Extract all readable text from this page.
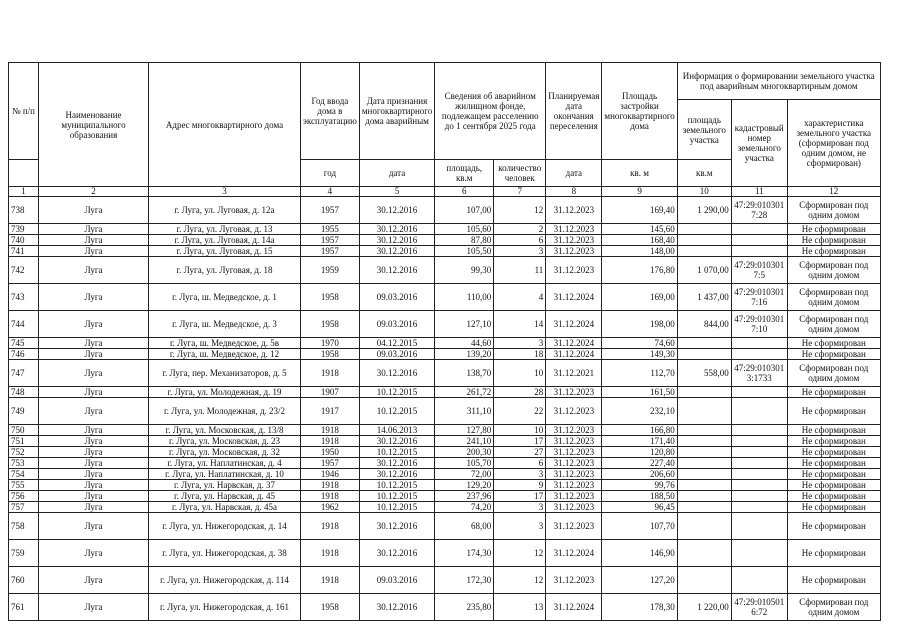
№ п/п	Наименование муниципального образования	Адрес многоквартирного дома	Год ввода дома в эксплуатацию	Дата признания многоквартирного дома аварийным	Сведения об аварийном жилищном фонде, подлежащем расселению до 1 сентября 2025 года		Планируемая дата окончания переселения	Площадь застройки многоквартирного дома	Информация о формировании земельного участка под аварийным многоквартирным домом		
									площадь земельного участка	кадастровый номер земельного участка	характеристика земельного участка (сформирован под одним домом, не сформирован)
			год	дата	площадь, кв.м	количество человек	дата	кв. м	кв.м		
1	2	3	4	5	6	7	8	9	10	11	12
738	Луга	г. Луга, ул. Луговая, д. 12а	1957	30.12.2016	107,00	12	31.12.2023	169,40	1 290,00	47:29:010301 7:28	Сформирован под одним домом
739	Луга	г. Луга, ул. Луговая, д. 13	1955	30.12.2016	105,60	2	31.12.2023	145,60			Не сформирован
740	Луга	г. Луга, ул. Луговая, д. 14а	1957	30.12.2016	87,80	6	31.12.2023	168,40			Не сформирован
741	Луга	г. Луга, ул. Луговая, д. 15	1957	30.12.2016	105,50	3	31.12.2023	148,00			Не сформирован
742	Луга	г. Луга, ул. Луговая, д. 18	1959	30.12.2016	99,30	11	31.12.2023	176,80	1 070,00	47:29:010301 7:5	Сформирован под одним домом
743	Луга	г. Луга, ш. Медведское, д. 1	1958	09.03.2016	110,00	4	31.12.2024	169,00	1 437,00	47:29:010301 7:16	Сформирован под одним домом
744	Луга	г. Луга, ш. Медведское, д. 3	1958	09.03.2016	127,10	14	31.12.2024	198,00	844,00	47:29:010301 7:10	Сформирован под одним домом
745	Луга	г. Луга, ш. Медведское, д. 5в	1970	04.12.2015	44,60	3	31.12.2024	74,60			Не сформирован
746	Луга	г. Луга, ш. Медведское, д. 12	1958	09.03.2016	139,20	18	31.12.2024	149,30			Не сформирован
747	Луга	г. Луга, пер. Механизаторов, д. 5	1918	30.12.2016	138,70	10	31.12.2021	112,70	558,00	47:29:010301 3:1733	Сформирован под одним домом
748	Луга	г. Луга, ул. Молодежная, д. 19	1907	10.12.2015	261,72	28	31.12.2023	161,50			Не сформирован
749	Луга	г. Луга, ул. Молодежная, д. 23/2	1917	10.12.2015	311,10	22	31.12.2023	232,10			Не сформирован
750	Луга	г. Луга, ул. Московская, д. 13/8	1918	14.06.2013	127,80	10	31.12.2023	166,80			Не сформирован
751	Луга	г. Луга, ул. Московская, д. 23	1918	30.12.2016	241,10	17	31.12.2023	171,40			Не сформирован
752	Луга	г. Луга, ул. Московская, д. 32	1950	10.12.2015	200,30	27	31.12.2023	120,80			Не сформирован
753	Луга	г. Луга, ул. Наплатинская, д. 4	1957	30.12.2016	105,70	6	31.12.2023	227,40			Не сформирован
754	Луга	г. Луга, ул. Наплатинская, д. 10	1946	30.12.2016	72,00	3	31.12.2023	206,60			Не сформирован
755	Луга	г. Луга, ул. Нарвская, д. 37	1918	10.12.2015	129,20	9	31.12.2023	99,76			Не сформирован
756	Луга	г. Луга, ул. Нарвская, д. 45	1918	10.12.2015	237,96	17	31.12.2023	188,50			Не сформирован
757	Луга	г. Луга, ул. Нарвская, д. 45а	1962	10.12.2015	74,20	3	31.12.2023	96,45			Не сформирован
758	Луга	г. Луга, ул. Нижегородская, д. 14	1918	30.12.2016	68,00	3	31.12.2023	107,70			Не сформирован
759	Луга	г. Луга, ул. Нижегородская, д. 38	1918	30.12.2016	174,30	12	31.12.2024	146,90			Не сформирован
760	Луга	г. Луга, ул. Нижегородская, д. 114	1918	09.03.2016	172,30	12	31.12.2023	127,20			Не сформирован
761	Луга	г. Луга, ул. Нижегородская, д. 161	1958	30.12.2016	235,80	13	31.12.2024	178,30	1 220,00	47:29:010501 6:72	Сформирован под одним домом
